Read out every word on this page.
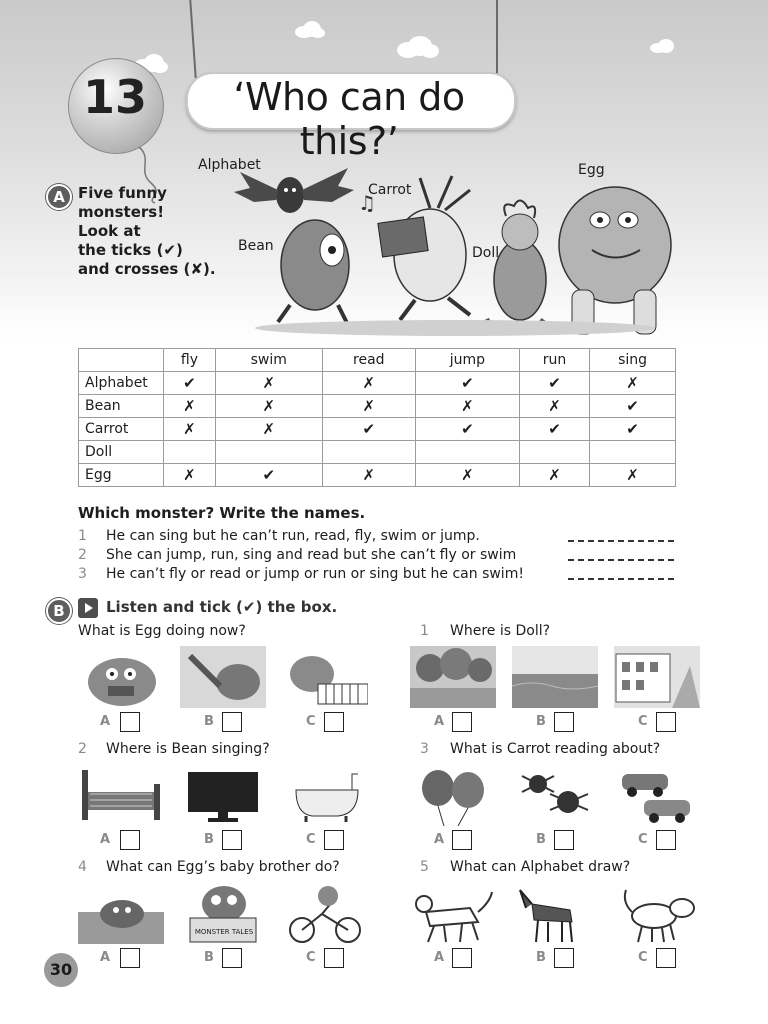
13	‘Who can do this?’
A Five funny
monsters!
Look at
the ticks (✔)
and crosses (✘).
Alphabet
Carrot
Egg
Bean	Doll
♫
	fly	swim	read	jump	run	sing
Alphabet	✔	✗	✗	✔	✔	✗
Bean	✗	✗	✗	✗	✗	✔
Carrot	✗	✗	✔	✔	✔	✔
Doll						
Egg	✗	✔	✗	✗	✗	✗
Which monster? Write the names.
1 He can sing but he can’t run, read, fly, swim or jump.
2 She can jump, run, sing and read but she can’t fly or swim
3 He can’t fly or read or jump or run or sing but he can swim!
B	Listen and tick (✔) the box.
What is Egg doing now?
A	B	C
1 Where is Doll?
A	B	C
2 Where is Bean singing?
A	B	C
3 What is Carrot reading about?
A	B	C
4 What can Egg’s baby brother do?
MONSTER TALES
A	B	C
5 What can Alphabet draw?
A	B	C
30
